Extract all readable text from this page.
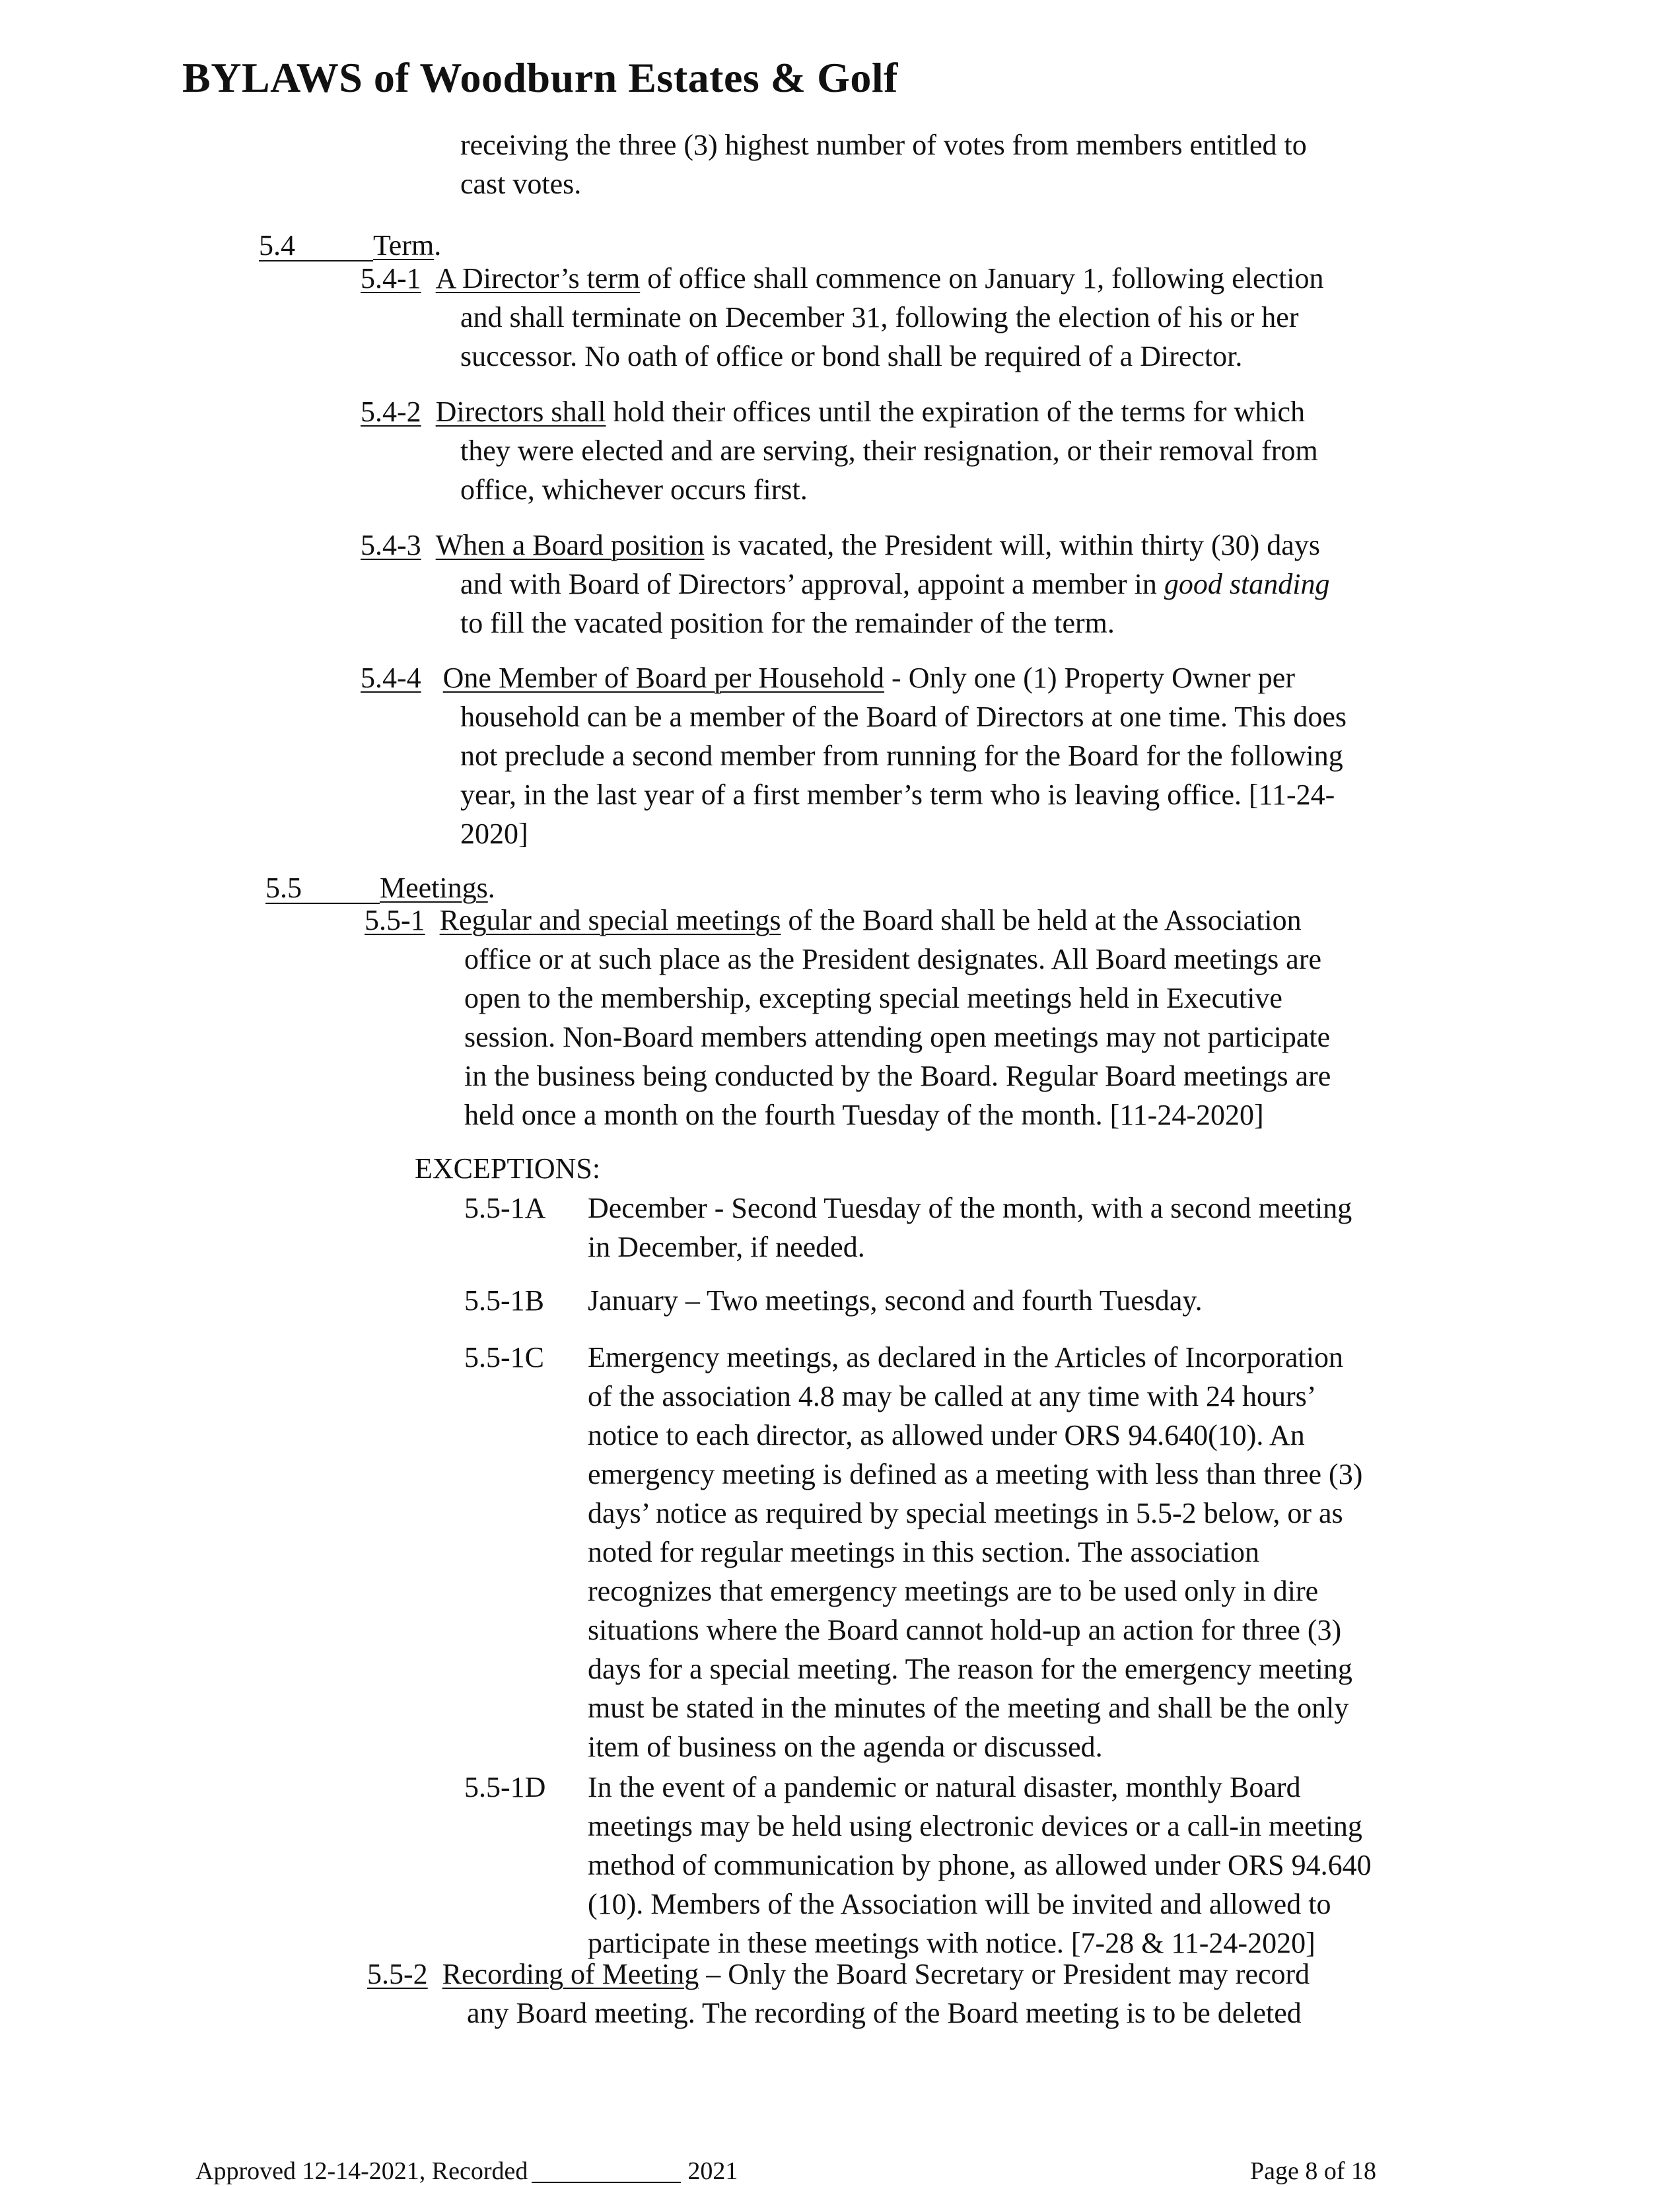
BYLAWS of Woodburn Estates & Golf
receiving the three (3) highest number of votes from members entitled to
cast votes.
5.4	Term.
5.4-1 A Director’s term of office shall commence on January 1, following election
and shall terminate on December 31, following the election of his or her
successor. No oath of office or bond shall be required of a Director.
5.4-2 Directors shall hold their offices until the expiration of the terms for which
they were elected and are serving, their resignation, or their removal from
office, whichever occurs first.
5.4-3 When a Board position is vacated, the President will, within thirty (30) days
and with Board of Directors’ approval, appoint a member in good standing
to fill the vacated position for the remainder of the term.
5.4-4 One Member of Board per Household - Only one (1) Property Owner per
household can be a member of the Board of Directors at one time. This does
not preclude a second member from running for the Board for the following
year, in the last year of a first member’s term who is leaving office. [11-24-
2020]
5.5	Meetings.
5.5-1 Regular and special meetings of the Board shall be held at the Association
office or at such place as the President designates. All Board meetings are
open to the membership, excepting special meetings held in Executive
session. Non-Board members attending open meetings may not participate
in the business being conducted by the Board. Regular Board meetings are
held once a month on the fourth Tuesday of the month. [11-24-2020]
EXCEPTIONS:
5.5-1A December - Second Tuesday of the month, with a second meeting
in December, if needed.
5.5-1B January – Two meetings, second and fourth Tuesday.
5.5-1C Emergency meetings, as declared in the Articles of Incorporation
of the association 4.8 may be called at any time with 24 hours’
notice to each director, as allowed under ORS 94.640(10). An
emergency meeting is defined as a meeting with less than three (3)
days’ notice as required by special meetings in 5.5-2 below, or as
noted for regular meetings in this section. The association
recognizes that emergency meetings are to be used only in dire
situations where the Board cannot hold-up an action for three (3)
days for a special meeting. The reason for the emergency meeting
must be stated in the minutes of the meeting and shall be the only
item of business on the agenda or discussed.
5.5-1D In the event of a pandemic or natural disaster, monthly Board
meetings may be held using electronic devices or a call-in meeting
method of communication by phone, as allowed under ORS 94.640
(10). Members of the Association will be invited and allowed to
participate in these meetings with notice. [7-28 & 11-24-2020]
5.5-2 Recording of Meeting – Only the Board Secretary or President may record
any Board meeting. The recording of the Board meeting is to be deleted
Approved 12-14-2021, Recorded	2021	Page 8 of 18
